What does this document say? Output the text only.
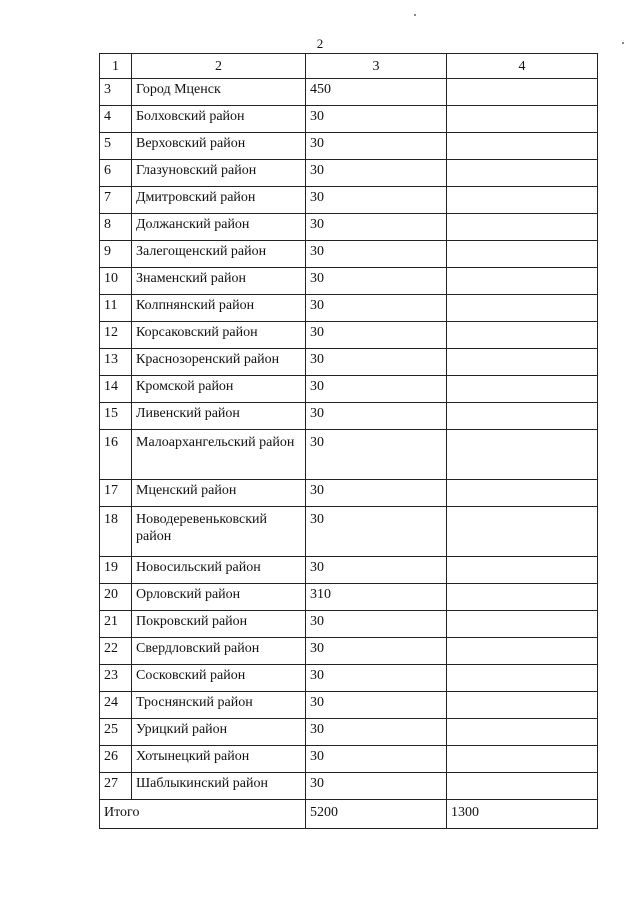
2
1	2	3	4
3	Город Мценск	450	
4	Болховский район	30	
5	Верховский район	30	
6	Глазуновский район	30	
7	Дмитровский район	30	
8	Должанский район	30	
9	Залегощенский район	30	
10	Знаменский район	30	
11	Колпнянский район	30	
12	Корсаковский район	30	
13	Краснозоренский район	30	
14	Кромской район	30	
15	Ливенский район	30	
16	Малоархангельский район	30	
17	Мценский район	30	
18	Новодеревеньковский район	30	
19	Новосильский район	30	
20	Орловский район	310	
21	Покровский район	30	
22	Свердловский район	30	
23	Сосковский район	30	
24	Троснянский район	30	
25	Урицкий район	30	
26	Хотынецкий район	30	
27	Шаблыкинский район	30	
Итого		5200	1300
